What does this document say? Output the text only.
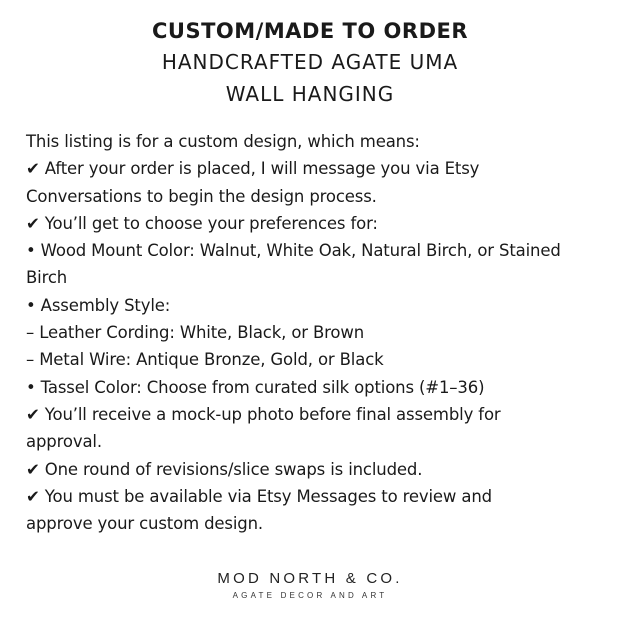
CUSTOM/MADE TO ORDER
HANDCRAFTED AGATE UMA
WALL HANGING
This listing is for a custom design, which means:
✔ After your order is placed, I will message you via Etsy
Conversations to begin the design process.
✔ You’ll get to choose your preferences for:
• Wood Mount Color: Walnut, White Oak, Natural Birch, or Stained
Birch
• Assembly Style:
– Leather Cording: White, Black, or Brown
– Metal Wire: Antique Bronze, Gold, or Black
• Tassel Color: Choose from curated silk options (#1–36)
✔ You’ll receive a mock-up photo before final assembly for
approval.
✔ One round of revisions/slice swaps is included.
✔ You must be available via Etsy Messages to review and
approve your custom design.
MOD NORTH & CO.
AGATE DECOR AND ART
